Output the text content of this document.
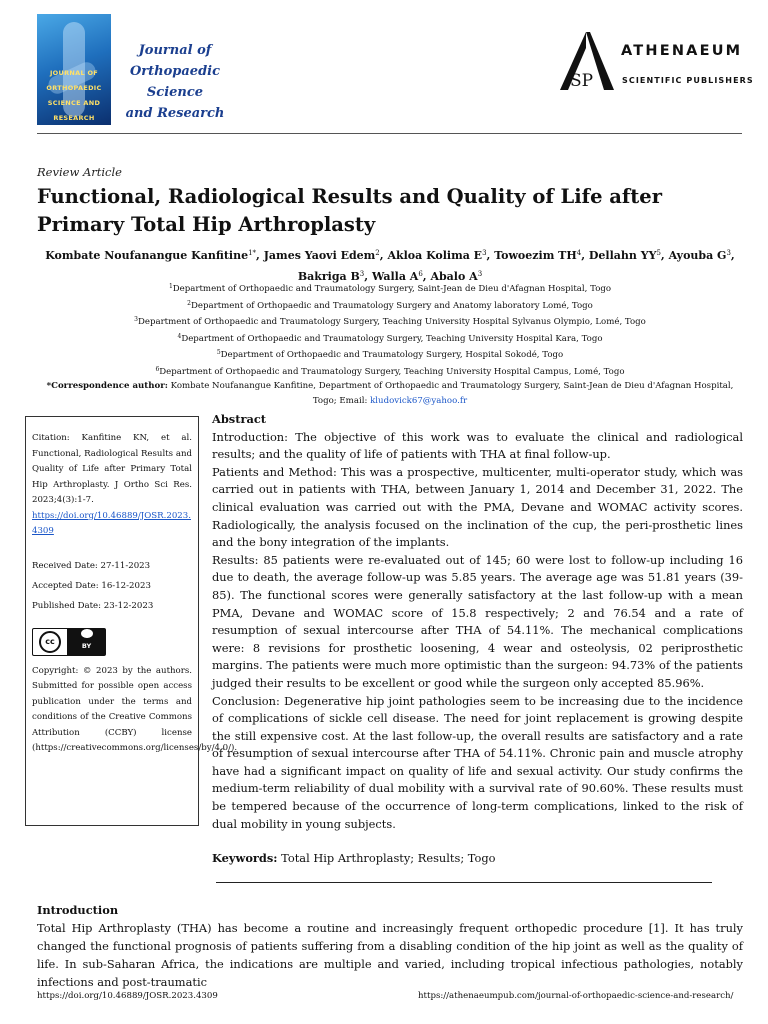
JOURNAL OF ORTHOPAEDIC SCIENCE AND RESEARCH
Journal of
Orthopaedic Science
and Research
SP
ATHENAEUM
SCIENTIFIC PUBLISHERS
Review Article
Functional, Radiological Results and Quality of Life after Primary Total Hip Arthroplasty
Kombate Noufanangue Kanfitine$^{1*}$, James Yaovi Edem$^2$, Akloa Kolima $E^3$, Towoezim $TH^4$, Dellahn $YY^5$, Ayouba $G^3$, Bakriga $B^3$, Walla $A^6$, Abalo $A^3$
$^1$Department of Orthopaedic and Traumatology Surgery, Saint-Jean de Dieu d'Afagnan Hospital, Togo
$^2$Department of Orthopaedic and Traumatology Surgery and Anatomy laboratory Lomé, Togo
$^3$Department of Orthopaedic and Traumatology Surgery, Teaching University Hospital Sylvanus Olympio, Lomé, Togo
$^4$Department of Orthopaedic and Traumatology Surgery, Teaching University Hospital Kara, Togo
$^5$Department of Orthopaedic and Traumatology Surgery, Hospital Sokodé, Togo
$^6$Department of Orthopaedic and Traumatology Surgery, Teaching University Hospital Campus, Lomé, Togo
*Correspondence author: Kombate Noufanangue Kanfitine, Department of Orthopaedic and Traumatology Surgery, Saint-Jean de Dieu d'Afagnan Hospital, Togo; Email: kludovick67@yahoo.fr
Citation: Kanfitine KN, et al. Functional, Radiological Results and Quality of Life after Primary Total Hip Arthroplasty. J Ortho Sci Res. 2023;4(3):1-7.
https://doi.org/10.46889/JOSR.2023.4309
Received Date: 27-11-2023
Accepted Date: 16-12-2023
Published Date: 23-12-2023
cc
BY
Copyright: © 2023 by the authors. Submitted for possible open access publication under the terms and conditions of the Creative Commons Attribution (CCBY) license (https://creativecommons.org/licenses/by/4.0/).

Abstract

Introduction: The objective of this work was to evaluate the clinical and radiological results; and the quality of life of patients with THA at final follow-up.

Patients and Method: This was a prospective, multicenter, multi-operator study, which was carried out in patients with THA, between January 1, 2014 and December 31, 2022. The clinical evaluation was carried out with the PMA, Devane and WOMAC activity scores. Radiologically, the analysis focused on the inclination of the cup, the peri-prosthetic lines and the bony integration of the implants.

Results: 85 patients were re-evaluated out of 145; 60 were lost to follow-up including 16 due to death, the average follow-up was 5.85 years. The average age was 51.81 years (39-85). The functional scores were generally satisfactory at the last follow-up with a mean PMA, Devane and WOMAC score of 15.8 respectively; 2 and 76.54 and a rate of resumption of sexual intercourse after THA of 54.11%. The mechanical complications were: 8 revisions for prosthetic loosening, 4 wear and osteolysis, 02 periprosthetic margins. The patients were much more optimistic than the surgeon: 94.73% of the patients judged their results to be excellent or good while the surgeon only accepted 85.96%.

Conclusion: Degenerative hip joint pathologies seem to be increasing due to the incidence of complications of sickle cell disease. The need for joint replacement is growing despite the still expensive cost. At the last follow-up, the overall results are satisfactory and a rate of resumption of sexual intercourse after THA of 54.11%. Chronic pain and muscle atrophy have had a significant impact on quality of life and sexual activity. Our study confirms the medium-term reliability of dual mobility with a survival rate of 90.60%. These results must be tempered because of the occurrence of long-term complications, linked to the risk of dual mobility in young subjects.

Keywords: Total Hip Arthroplasty; Results; Togo
Introduction
Total Hip Arthroplasty (THA) has become a routine and increasingly frequent orthopedic procedure [1]. It has truly changed the functional prognosis of patients suffering from a disabling condition of the hip joint as well as the quality of life. In sub-Saharan Africa, the indications are multiple and varied, including tropical infectious pathologies, notably infections and post-traumatic
https://doi.org/10.46889/JOSR.2023.4309	https://athenaeumpub.com/journal-of-orthopaedic-science-and-research/
